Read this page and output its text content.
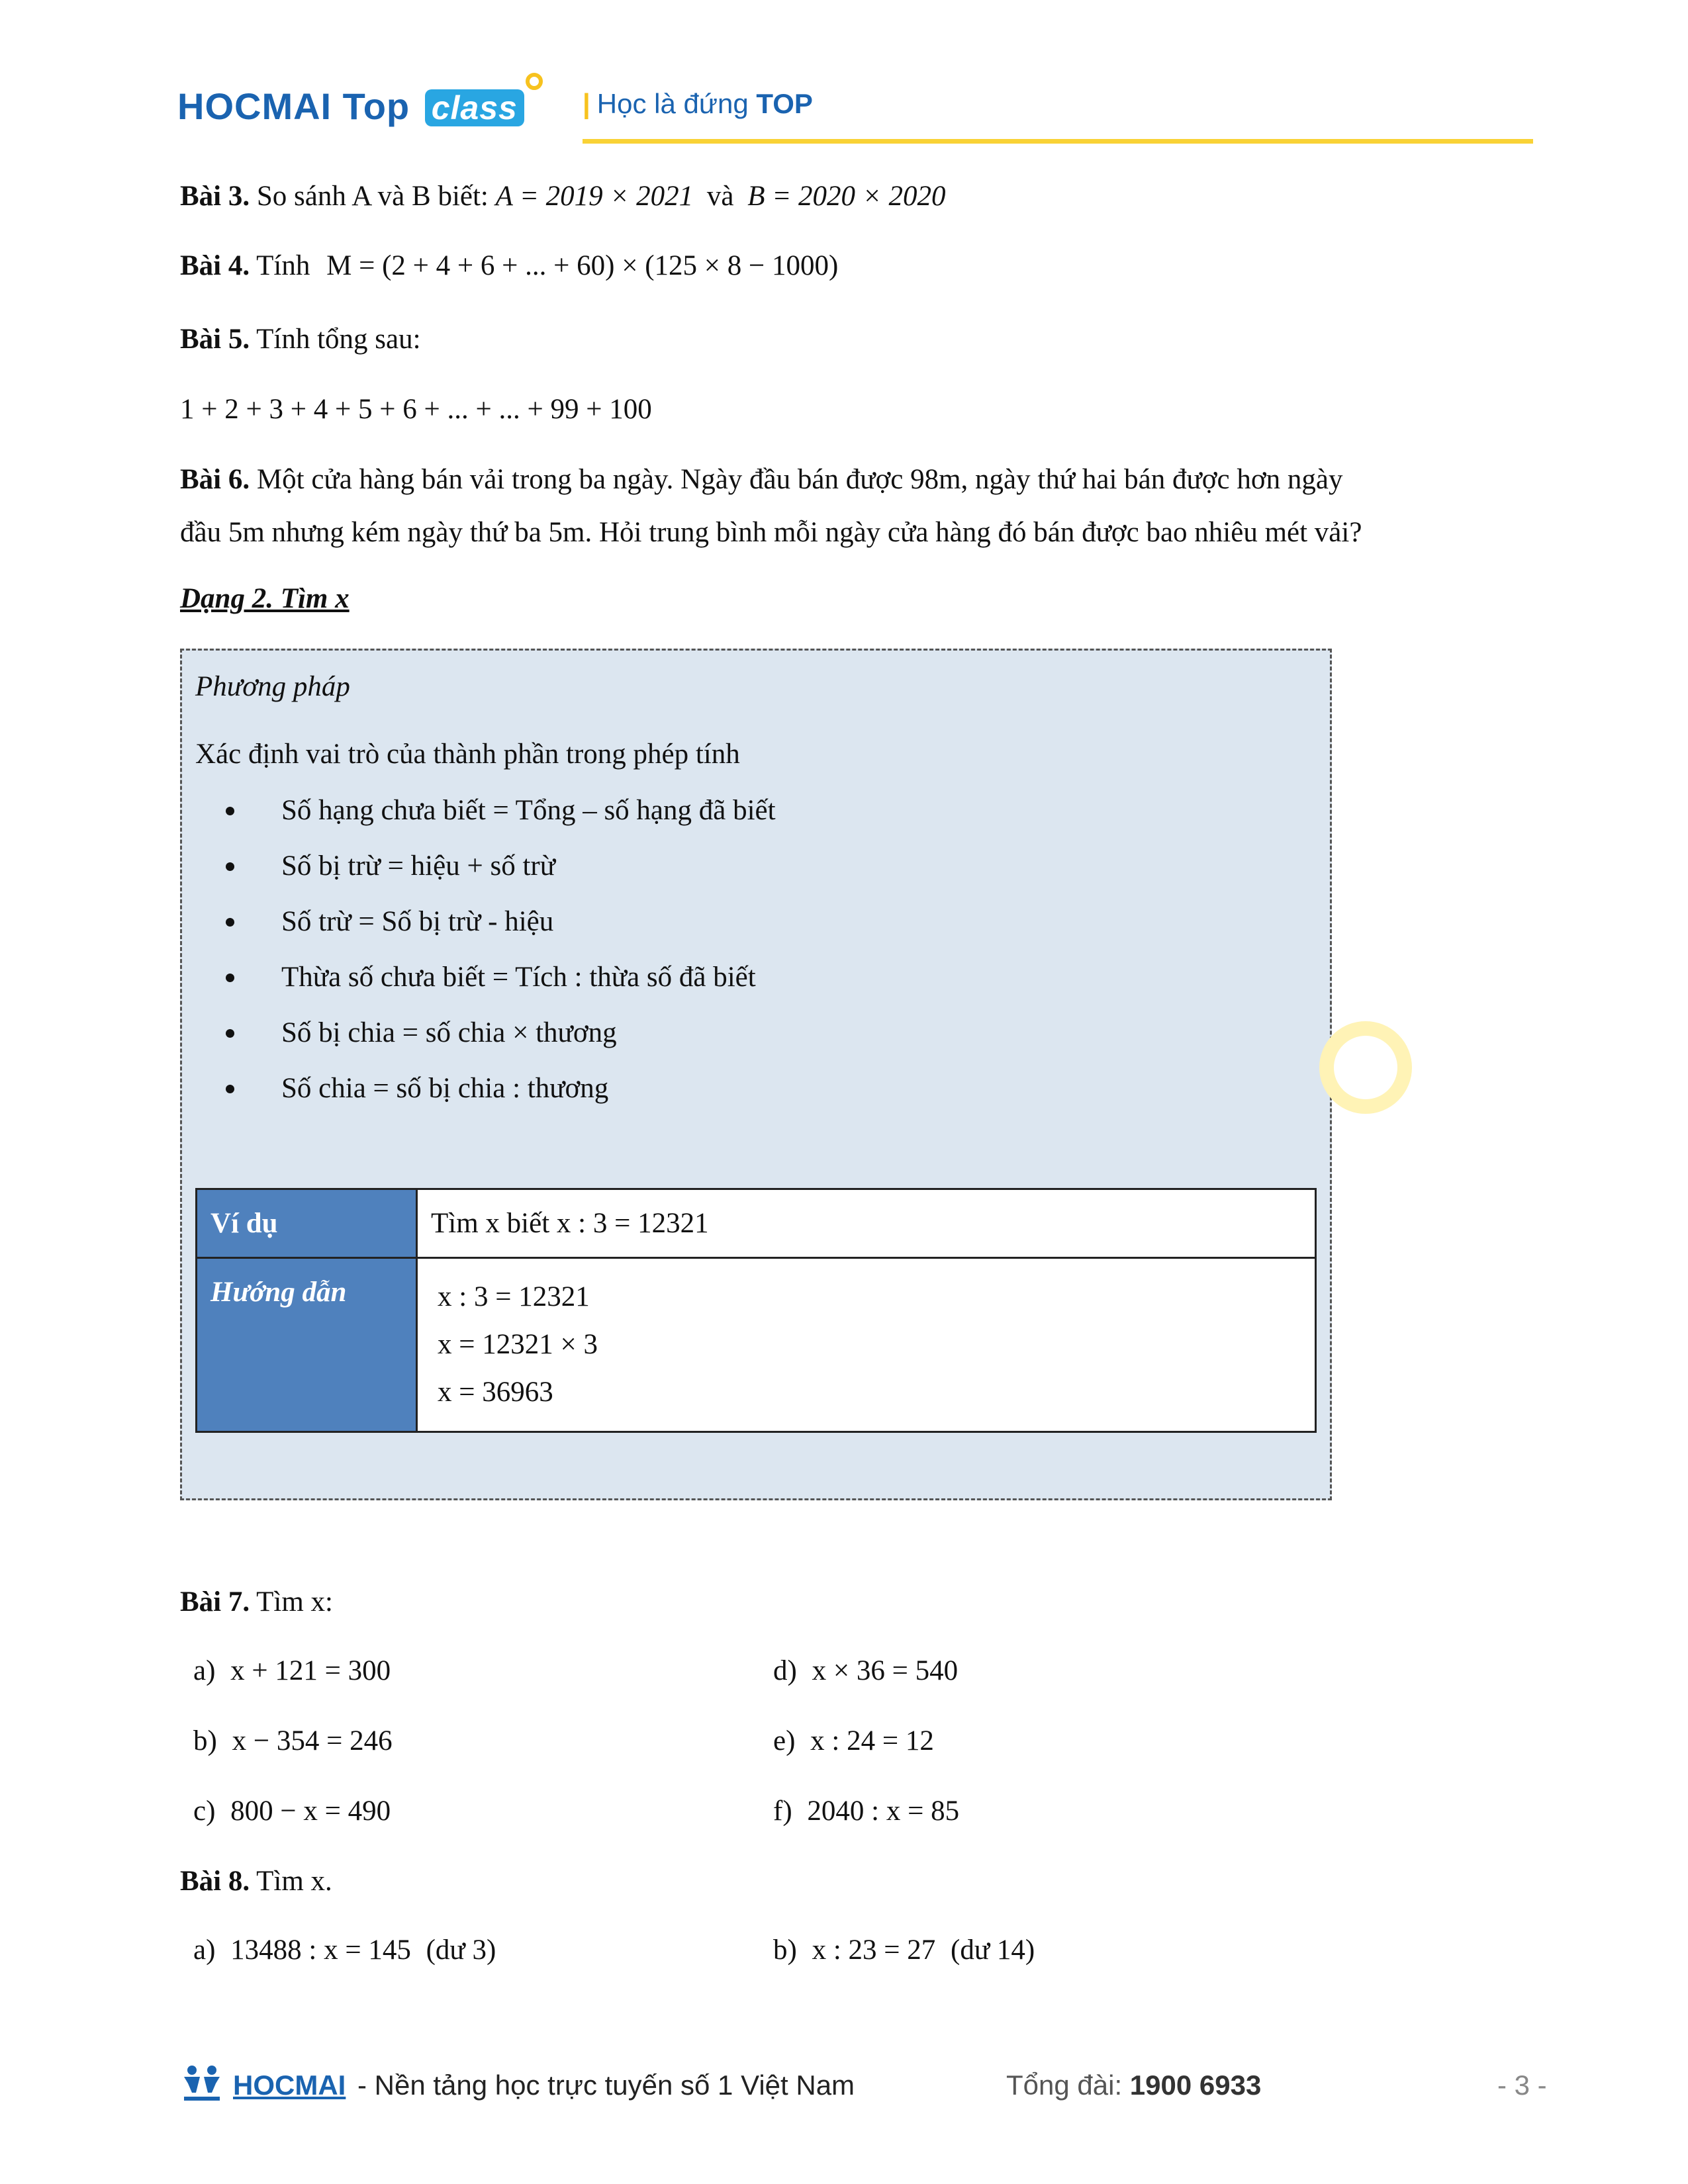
HOCMAI Top class | Học là đứng TOP
Bài 3. So sánh A và B biết: A = 2019 × 2021 và B = 2020 × 2020
Bài 4. Tính M = (2 + 4 + 6 + ... + 60) × (125 × 8 − 1000)
Bài 5. Tính tổng sau:
1 + 2 + 3 + 4 + 5 + 6 + ... + ... + 99 + 100
Bài 6. Một cửa hàng bán vải trong ba ngày. Ngày đầu bán được 98m, ngày thứ hai bán được hơn ngày
đầu 5m nhưng kém ngày thứ ba 5m. Hỏi trung bình mỗi ngày cửa hàng đó bán được bao nhiêu mét vải?
Dạng 2. Tìm x
Phương pháp
Xác định vai trò của thành phần trong phép tính
Số hạng chưa biết = Tổng – số hạng đã biết
Số bị trừ = hiệu + số trừ
Số trừ = Số bị trừ - hiệu
Thừa số chưa biết = Tích : thừa số đã biết
Số bị chia = số chia × thương
Số chia = số bị chia : thương
Ví dụ	Tìm x biết x : 3 = 12321
Hướng dẫn	x : 3 = 12321
x = 12321 × 3
x = 36963
Bài 7. Tìm x:
a) x + 121 = 300
b) x − 354 = 246
c) 800 − x = 490
d) x × 36 = 540
e) x : 24 = 12
f) 2040 : x = 85
Bài 8. Tìm x.
a) 13488 : x = 145 (dư 3)	b) x : 23 = 27 (dư 14)
HOCMAI - Nền tảng học trực tuyến số 1 Việt Nam	Tổng đài: 1900 6933	- 3 -
